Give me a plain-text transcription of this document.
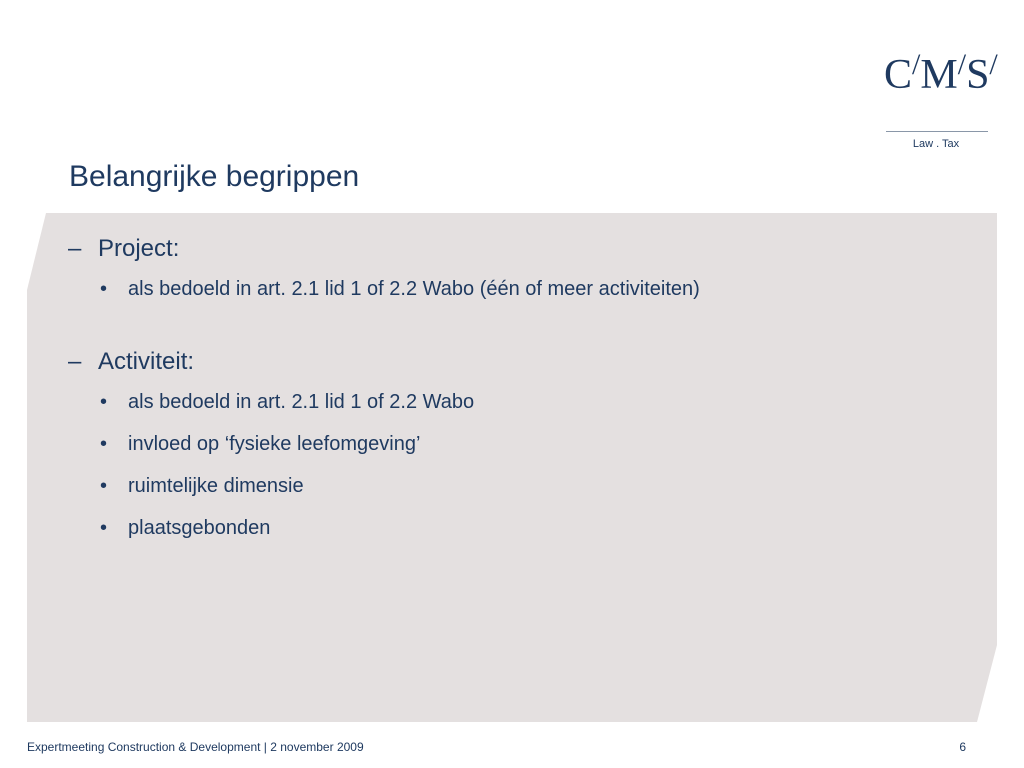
C/M/S/
Law . Tax
Belangrijke begrippen

– Project:

•	als bedoeld in art. 2.1 lid 1 of 2.2 Wabo (één of meer activiteiten)

– Activiteit:

•	als bedoeld in art. 2.1 lid 1 of 2.2 Wabo

•	invloed op ‘fysieke leefomgeving’

•	ruimtelijke dimensie

•	plaatsgebonden

Expertmeeting Construction & Development | 2 november 2009	6
